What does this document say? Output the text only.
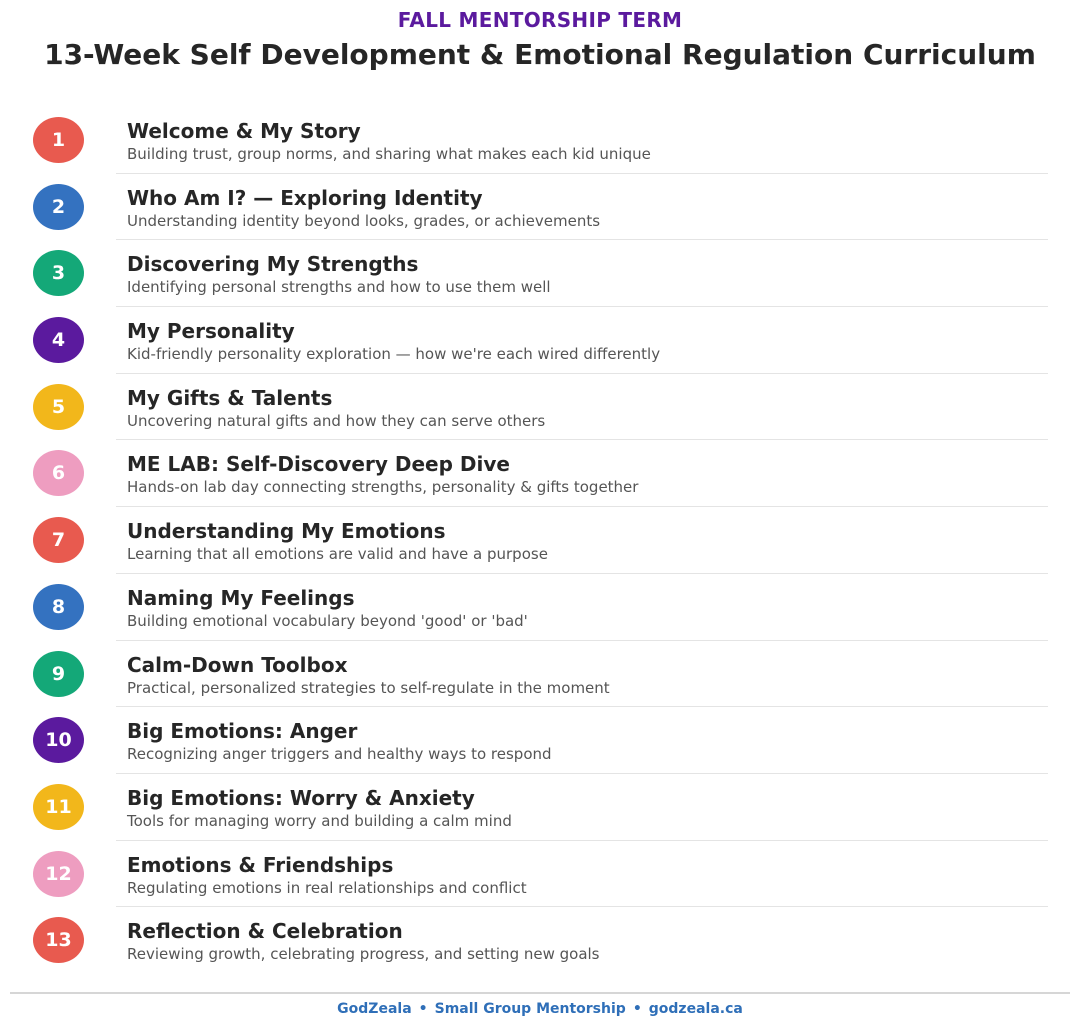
FALL MENTORSHIP TERM
13-Week Self Development & Emotional Regulation Curriculum
1	Welcome & My Story
Building trust, group norms, and sharing what makes each kid unique
2	Who Am I? — Exploring Identity
Understanding identity beyond looks, grades, or achievements
3	Discovering My Strengths
Identifying personal strengths and how to use them well
4	My Personality
Kid-friendly personality exploration — how we're each wired differently
5	My Gifts & Talents
Uncovering natural gifts and how they can serve others
6	ME LAB: Self-Discovery Deep Dive
Hands-on lab day connecting strengths, personality & gifts together
7	Understanding My Emotions
Learning that all emotions are valid and have a purpose
8	Naming My Feelings
Building emotional vocabulary beyond 'good' or 'bad'
9	Calm-Down Toolbox
Practical, personalized strategies to self-regulate in the moment
10	Big Emotions: Anger
Recognizing anger triggers and healthy ways to respond
11	Big Emotions: Worry & Anxiety
Tools for managing worry and building a calm mind
12	Emotions & Friendships
Regulating emotions in real relationships and conflict
13	Reflection & Celebration
Reviewing growth, celebrating progress, and setting new goals
GodZeala • Small Group Mentorship • godzeala.ca
